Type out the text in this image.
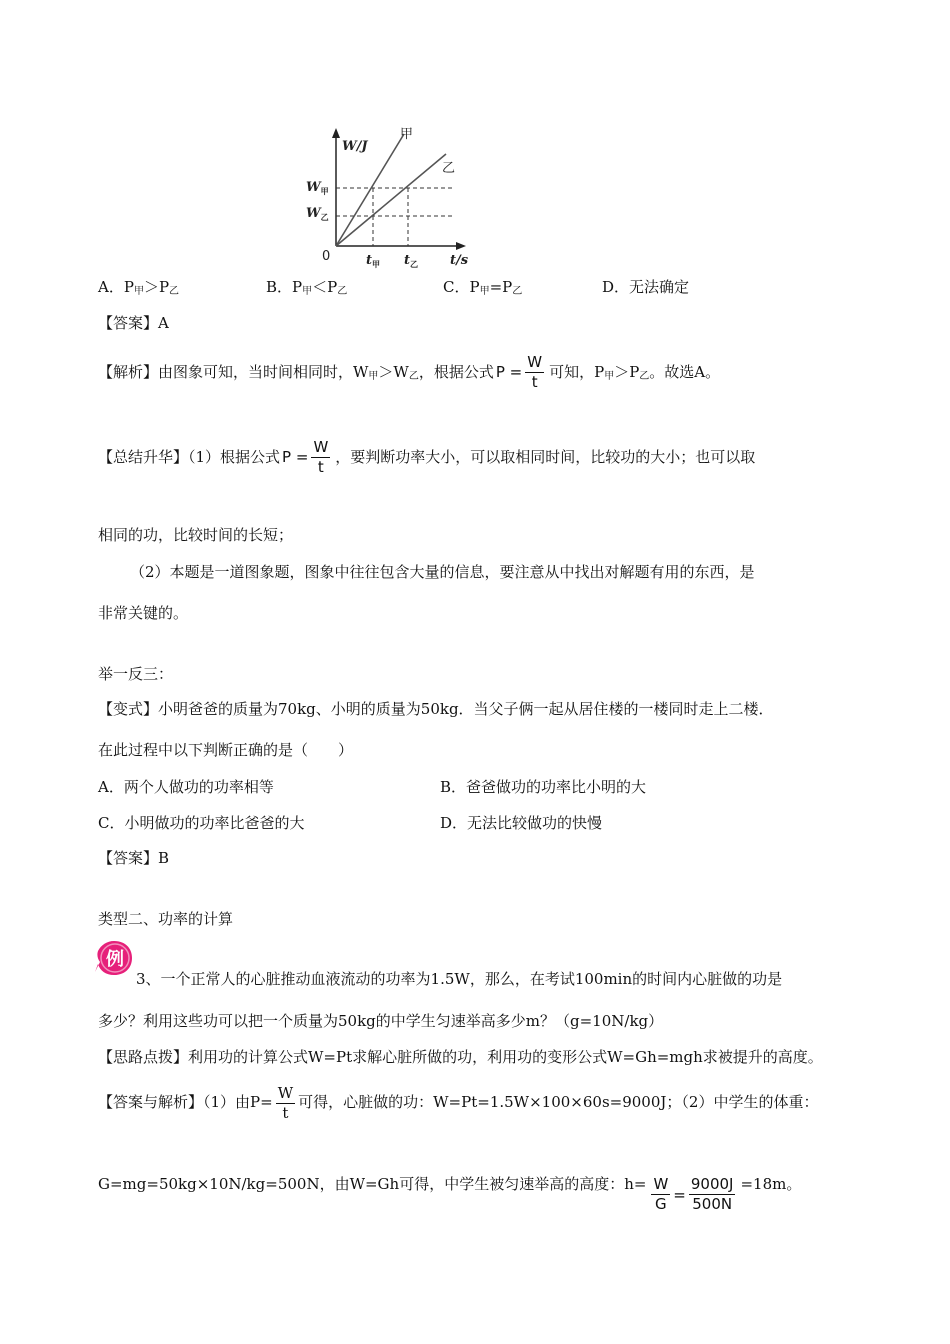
W/J
t/s
0
甲
乙
$W_甲$
$W_乙$
$t_甲$ $t_乙$
A．$P_甲>P_乙$	B．$P_甲<P_乙$	C．$P_甲=P_乙$	D．无法确定
【答案】A
【解析】由图象可知，当时间相同时，$W_甲>W_乙$，根据公式 $P = \frac{W}{t}$ 可知，$P_甲>P_乙$。故选A。
【总结升华】（1）根据公式 $P = \frac{W}{t}$ ，要判断功率大小，可以取相同时间，比较功的大小；也可以取
相同的功，比较时间的长短；
（2）本题是一道图象题，图象中往往包含大量的信息，要注意从中找出对解题有用的东西，是
非常关键的。
举一反三：
【变式】小明爸爸的质量为70kg、小明的质量为50kg．当父子俩一起从居住楼的一楼同时走上二楼．
在此过程中以下判断正确的是（　　）
A．两个人做功的功率相等	B．爸爸做功的功率比小明的大
C．小明做功的功率比爸爸的大	D．无法比较做功的快慢
【答案】B
类型二、功率的计算
例
3、一个正常人的心脏推动血液流动的功率为1.5W，那么，在考试100min的时间内心脏做的功是
多少？利用这些功可以把一个质量为50kg的中学生匀速举高多少m？（g=10N/kg）
【思路点拨】利用功的计算公式W=Pt求解心脏所做的功，利用功的变形公式W=Gh=mgh求被提升的高度。
【答案与解析】（1）由$P= \frac{W}{t}$ 可得，心脏做的功：W=Pt=1.5W×100×60s=9000J；（2）中学生的体重：
G=mg=50kg×10N/kg=500N，由W=Gh可得，中学生被匀速举高的高度：$h= \frac{W}{G} = \frac{9000J}{500N} =18m$。
